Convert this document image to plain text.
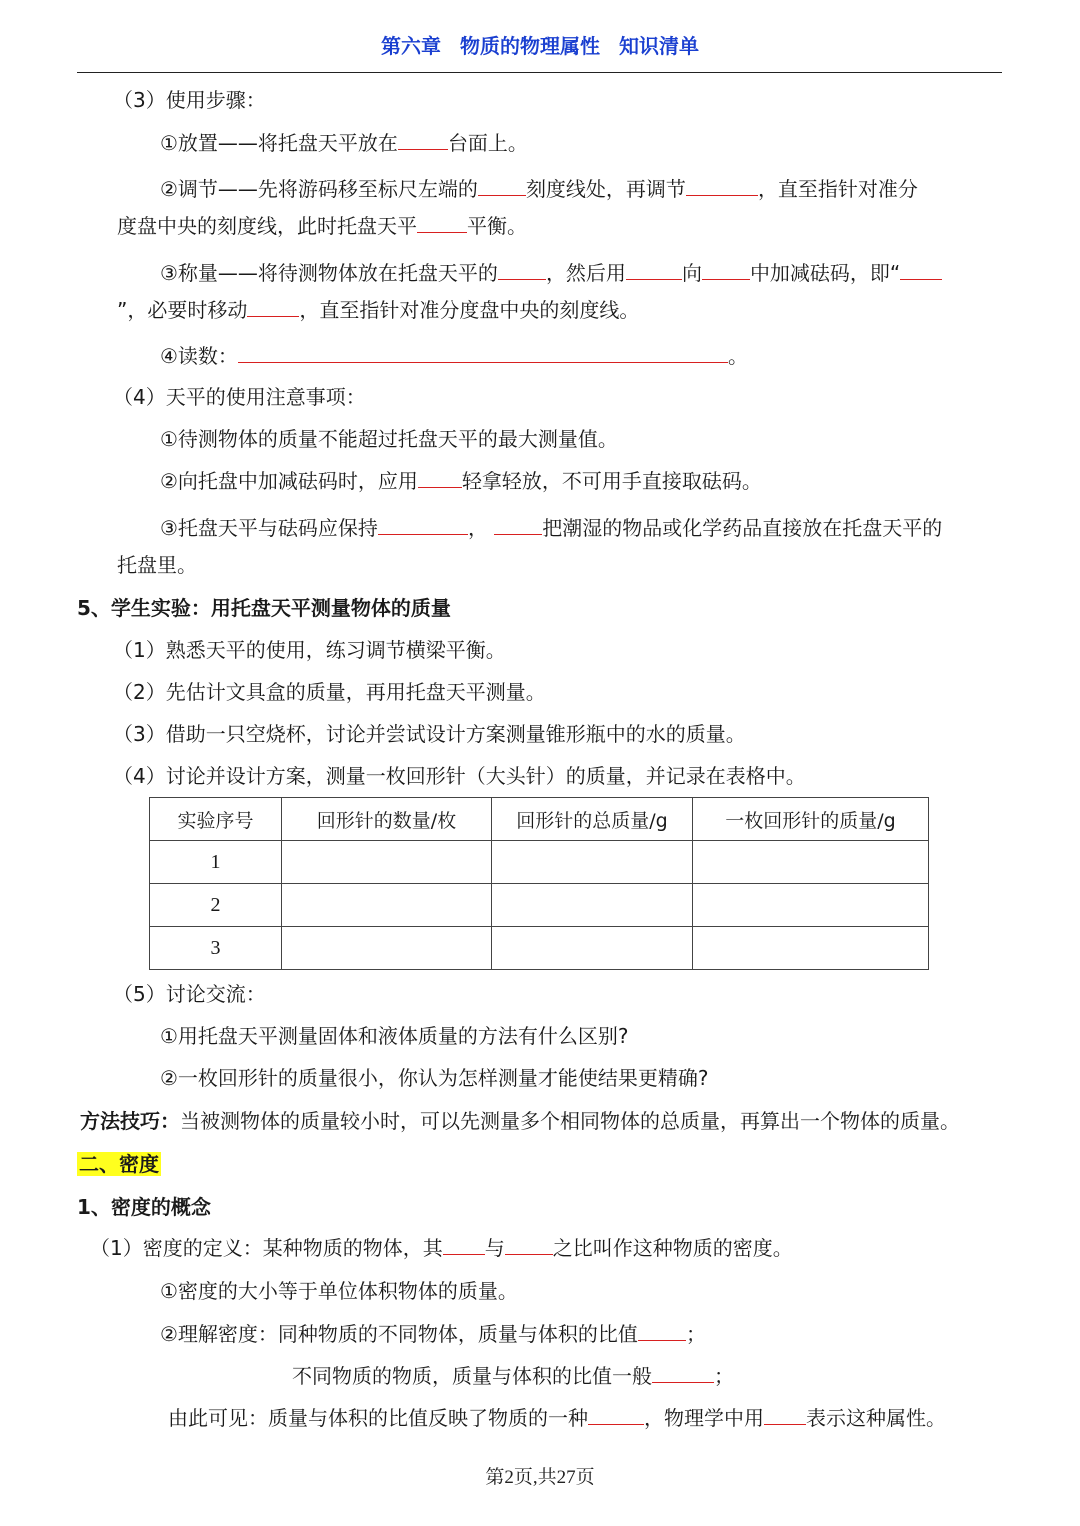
第六章 物质的物理属性 知识清单
（3）使用步骤：
①放置——将托盘天平放在	台面上。
②调节——先将游码移至标尺左端的 刻度线处，再调节	，直至指针对准分
度盘中央的刻度线，此时托盘天平	平衡。
③称量——将待测物体放在托盘天平的 ，然后用	向 中加减砝码，即“
”，必要时移动	，直至指针对准分度盘中央的刻度线。
④读数：	。
（4）天平的使用注意事项：
①待测物体的质量不能超过托盘天平的最大测量值。
②向托盘中加减砝码时，应用 轻拿轻放，不可用手直接取砝码。
③托盘天平与砝码应保持	，	把潮湿的物品或化学药品直接放在托盘天平的
托盘里。
5、学生实验：用托盘天平测量物体的质量
（1）熟悉天平的使用，练习调节横梁平衡。
（2）先估计文具盒的质量，再用托盘天平测量。
（3）借助一只空烧杯，讨论并尝试设计方案测量锥形瓶中的水的质量。
（4）讨论并设计方案，测量一枚回形针（大头针）的质量，并记录在表格中。
实验序号	回形针的数量/枚	回形针的总质量/g	一枚回形针的质量/g
1			
2			
3			
（5）讨论交流：
①用托盘天平测量固体和液体质量的方法有什么区别?
②一枚回形针的质量很小，你认为怎样测量才能使结果更精确?
方法技巧：当被测物体的质量较小时，可以先测量多个相同物体的总质量，再算出一个物体的质量。
二、密度
1、密度的概念
（1）密度的定义：某种物质的物体，其 与 之比叫作这种物质的密度。
①密度的大小等于单位体积物体的质量。
②理解密度：同种物质的不同物体，质量与体积的比值 ；
不同物质的物质，质量与体积的比值一般	；
由此可见：质量与体积的比值反映了物质的一种	，物理学中用 表示这种属性。
第2页,共27页
